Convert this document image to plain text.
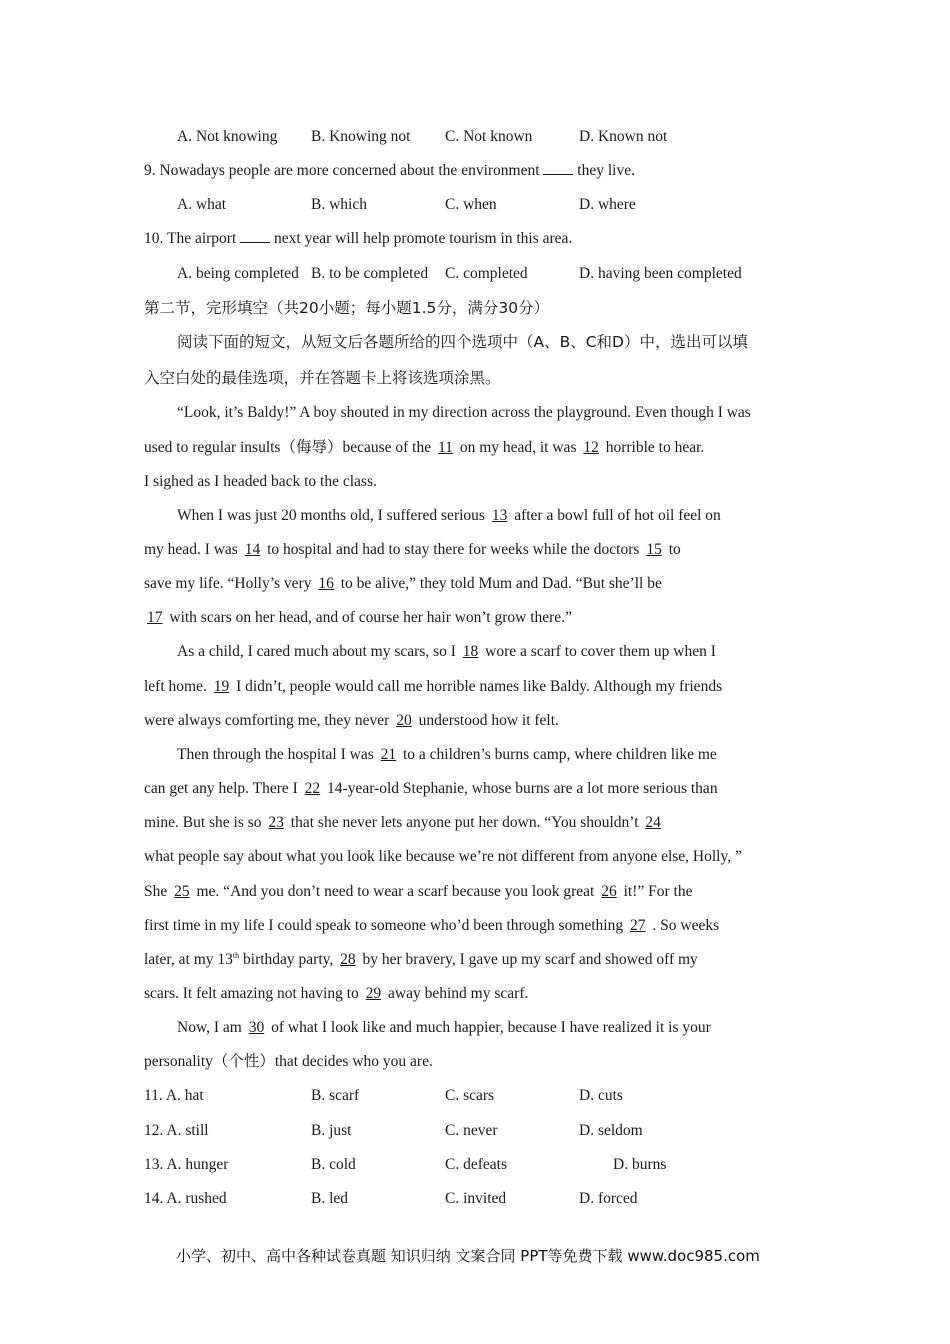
A. Not knowing B. Knowing not C. Not known	D. Known not
9. Nowadays people are more concerned about the environment  they live.
A. what	B. which	C. when	D. where
10. The airport  next year will help promote tourism in this area.
A. being completed B. to be completed C. completed	D. having been completed
第二节，完形填空（共20小题；每小题1.5分，满分30分）
阅读下面的短文，从短文后各题所给的四个选项中（A、B、C和D）中，选出可以填
入空白处的最佳选项，并在答题卡上将该选项涂黑。
“Look, it’s Baldy!” A boy shouted in my direction across the playground. Even though I was
used to regular insults（侮辱）because of the 11 on my head, it was 12 horrible to hear.
I sighed as I headed back to the class.
When I was just 20 months old, I suffered serious 13 after a bowl full of hot oil feel on
my head. I was 14 to hospital and had to stay there for weeks while the doctors 15 to
save my life. “Holly’s very 16 to be alive,” they told Mum and Dad. “But she’ll be
17 with scars on her head, and of course her hair won’t grow there.”
As a child, I cared much about my scars, so I 18 wore a scarf to cover them up when I
left home. 19 I didn’t, people would call me horrible names like Baldy. Although my friends
were always comforting me, they never 20 understood how it felt.
Then through the hospital I was 21 to a children’s burns camp, where children like me
can get any help. There I 22 14-year-old Stephanie, whose burns are a lot more serious than
mine. But she is so 23 that she never lets anyone put her down. “You shouldn’t 24
what people say about what you look like because we’re not different from anyone else, Holly, ”
She 25 me. “And you don’t need to wear a scarf because you look great 26 it!” For the
first time in my life I could speak to someone who’d been through something 27 . So weeks
later, at my 13th birthday party, 28 by her bravery, I gave up my scarf and showed off my
scars. It felt amazing not having to 29 away behind my scarf.
Now, I am 30 of what I look like and much happier, because I have realized it is your
personality（个性）that decides who you are.
11. A. hat	B. scarf	C. scars	D. cuts
12. A. still	B. just	C. never	D. seldom
13. A. hunger	B. cold	C. defeats	D. burns
14. A. rushed	B. led	C. invited	D. forced
小学、初中、高中各种试卷真题 知识归纳 文案合同 PPT等免费下载 www.doc985.com
